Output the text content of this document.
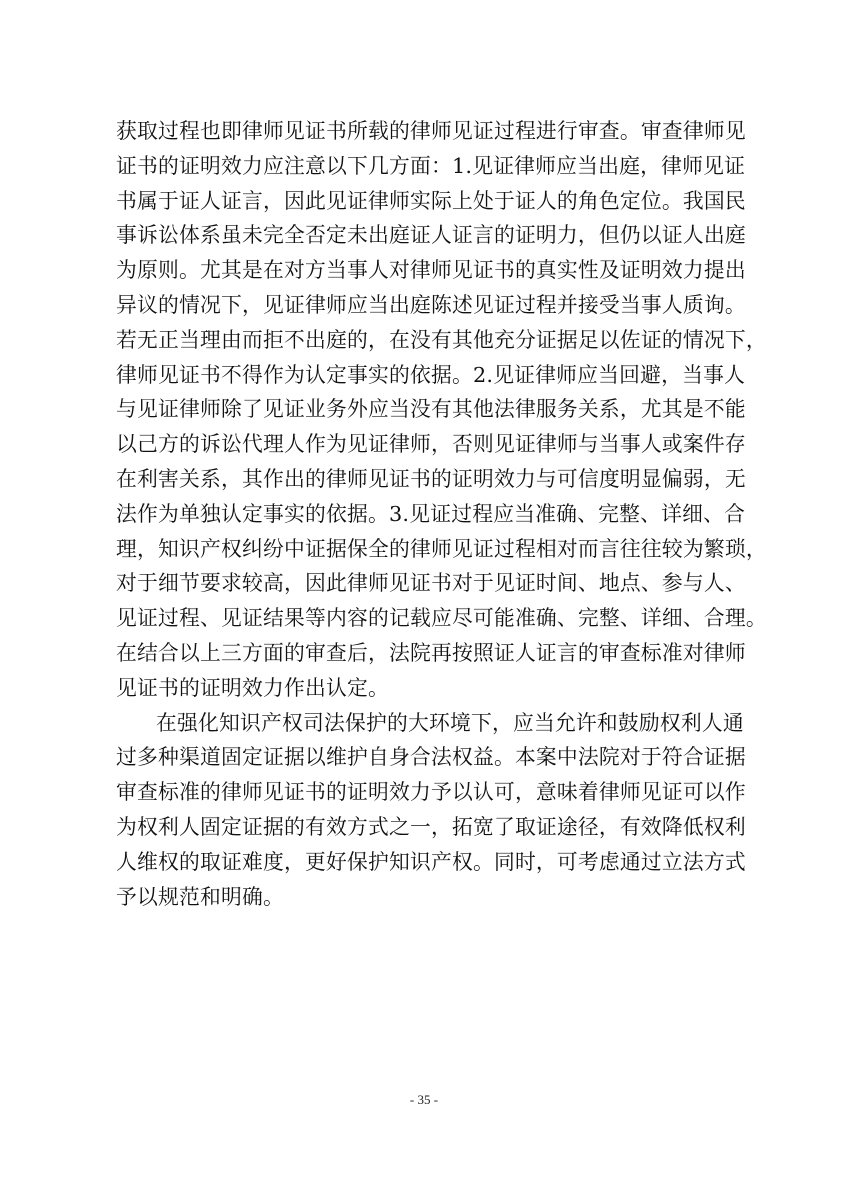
获取过程也即律师见证书所载的律师见证过程进行审查。审查律师见
证书的证明效力应注意以下几方面：1.见证律师应当出庭，律师见证
书属于证人证言，因此见证律师实际上处于证人的角色定位。我国民
事诉讼体系虽未完全否定未出庭证人证言的证明力，但仍以证人出庭
为原则。尤其是在对方当事人对律师见证书的真实性及证明效力提出
异议的情况下，见证律师应当出庭陈述见证过程并接受当事人质询。
若无正当理由而拒不出庭的，在没有其他充分证据足以佐证的情况下，
律师见证书不得作为认定事实的依据。2.见证律师应当回避，当事人
与见证律师除了见证业务外应当没有其他法律服务关系，尤其是不能
以己方的诉讼代理人作为见证律师，否则见证律师与当事人或案件存
在利害关系，其作出的律师见证书的证明效力与可信度明显偏弱，无
法作为单独认定事实的依据。3.见证过程应当准确、完整、详细、合
理，知识产权纠纷中证据保全的律师见证过程相对而言往往较为繁琐，
对于细节要求较高，因此律师见证书对于见证时间、地点、参与人、
见证过程、见证结果等内容的记载应尽可能准确、完整、详细、合理。
在结合以上三方面的审查后，法院再按照证人证言的审查标准对律师
见证书的证明效力作出认定。

在强化知识产权司法保护的大环境下，应当允许和鼓励权利人通
过多种渠道固定证据以维护自身合法权益。本案中法院对于符合证据
审查标准的律师见证书的证明效力予以认可，意味着律师见证可以作
为权利人固定证据的有效方式之一，拓宽了取证途径，有效降低权利
人维权的取证难度，更好保护知识产权。同时，可考虑通过立法方式
予以规范和明确。

- 35 -
